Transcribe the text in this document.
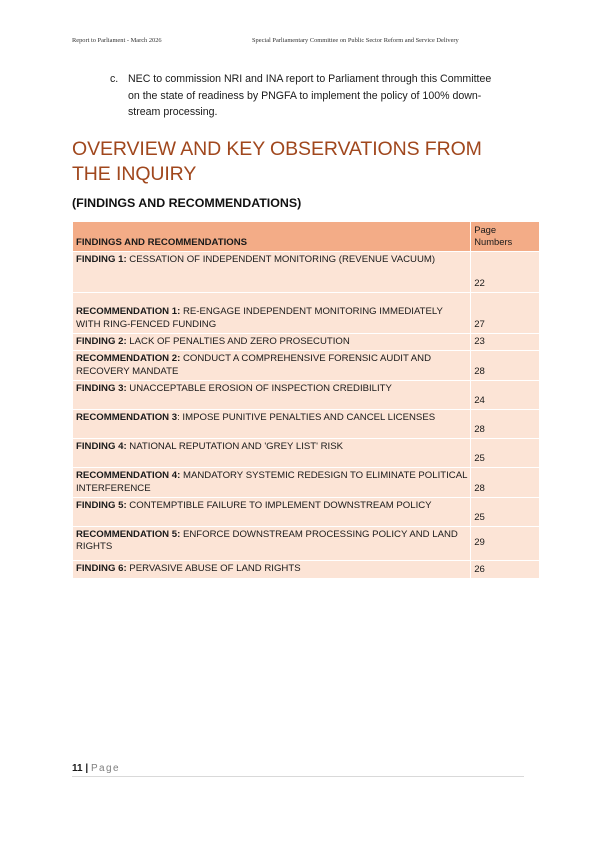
Report to Parliament - March 2026	Special Parliamentary Committee on Public Sector Reform and Service Delivery
c. NEC to commission NRI and INA report to Parliament through this Committee on the state of readiness by PNGFA to implement the policy of 100% down-stream processing.
OVERVIEW AND KEY OBSERVATIONS FROM THE INQUIRY
(FINDINGS AND RECOMMENDATIONS)
FINDINGS AND RECOMMENDATIONS	Page Numbers
FINDING 1: CESSATION OF INDEPENDENT MONITORING (REVENUE VACUUM)	22
RECOMMENDATION 1: RE-ENGAGE INDEPENDENT MONITORING IMMEDIATELY WITH RING-FENCED FUNDING	27
FINDING 2: LACK OF PENALTIES AND ZERO PROSECUTION	23
RECOMMENDATION 2: CONDUCT A COMPREHENSIVE FORENSIC AUDIT AND RECOVERY MANDATE	28
FINDING 3: UNACCEPTABLE EROSION OF INSPECTION CREDIBILITY	24
RECOMMENDATION 3: IMPOSE PUNITIVE PENALTIES AND CANCEL LICENSES	28
FINDING 4: NATIONAL REPUTATION AND 'GREY LIST' RISK	25
RECOMMENDATION 4: MANDATORY SYSTEMIC REDESIGN TO ELIMINATE POLITICAL INTERFERENCE	28
FINDING 5: CONTEMPTIBLE FAILURE TO IMPLEMENT DOWNSTREAM POLICY	25
RECOMMENDATION 5: ENFORCE DOWNSTREAM PROCESSING POLICY AND LAND RIGHTS	29
FINDING 6: PERVASIVE ABUSE OF LAND RIGHTS	26
11 | Page
